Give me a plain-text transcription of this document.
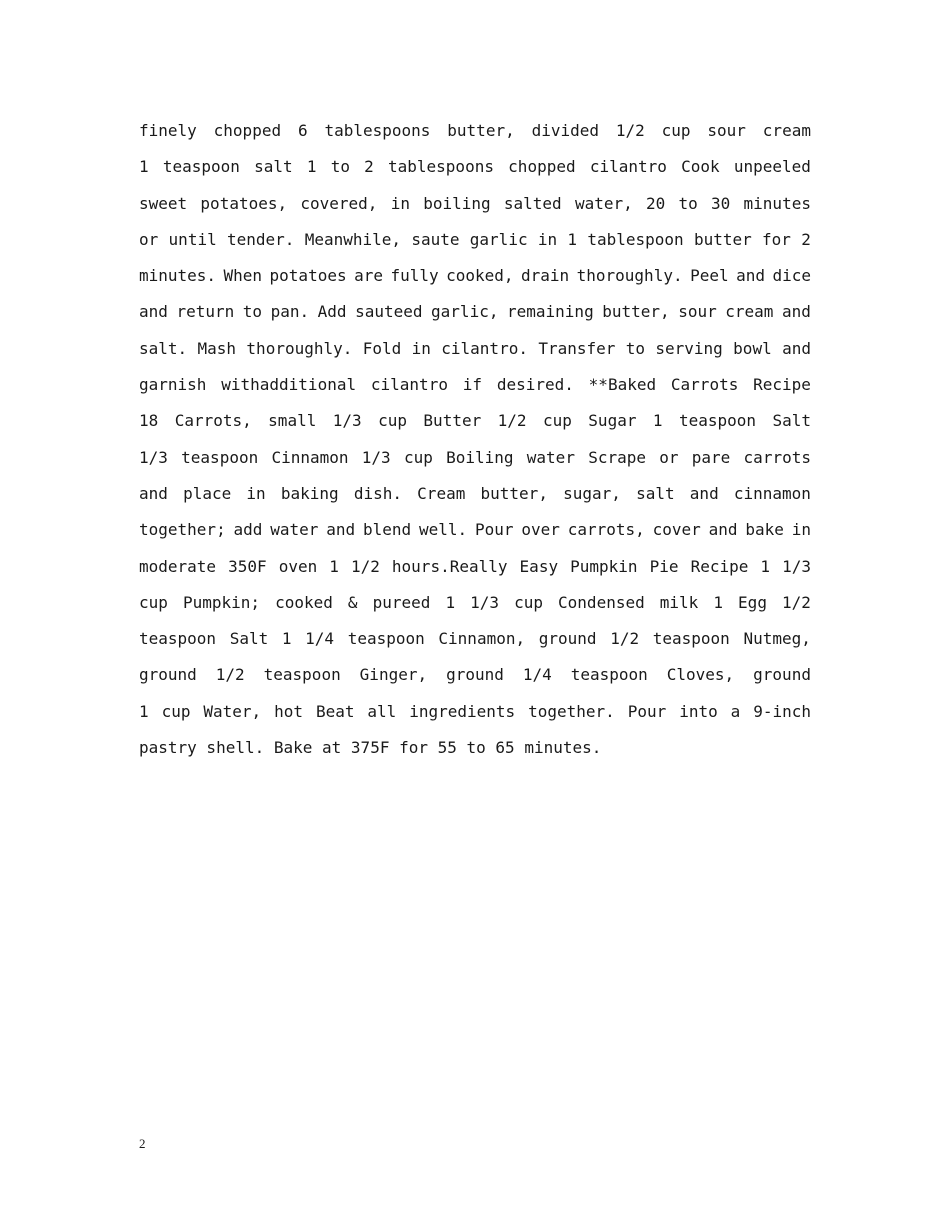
finely chopped 6 tablespoons butter, divided 1/2 cup sour cream
1 teaspoon salt 1 to 2 tablespoons chopped cilantro Cook unpeeled
sweet potatoes, covered, in boiling salted water, 20 to 30 minutes
or until tender. Meanwhile, saute garlic in 1 tablespoon butter for 2
minutes. When potatoes are fully cooked, drain thoroughly. Peel and dice
and return to pan. Add sauteed garlic, remaining butter, sour cream and
salt. Mash thoroughly. Fold in cilantro. Transfer to serving bowl and
garnish withadditional cilantro if desired. **Baked Carrots Recipe
18 Carrots, small 1/3 cup Butter 1/2 cup Sugar 1 teaspoon Salt
1/3 teaspoon Cinnamon 1/3 cup Boiling water Scrape or pare carrots
and place in baking dish. Cream butter, sugar, salt and cinnamon
together; add water and blend well. Pour over carrots, cover and bake in
moderate 350F oven 1 1/2 hours.Really Easy Pumpkin Pie Recipe 1 1/3
cup Pumpkin; cooked & pureed 1 1/3 cup Condensed milk 1 Egg 1/2
teaspoon Salt 1 1/4 teaspoon Cinnamon, ground 1/2 teaspoon Nutmeg,
ground 1/2 teaspoon Ginger, ground 1/4 teaspoon Cloves, ground
1 cup Water, hot Beat all ingredients together. Pour into a 9-inch
pastry shell. Bake at 375F for 55 to 65 minutes.
2
